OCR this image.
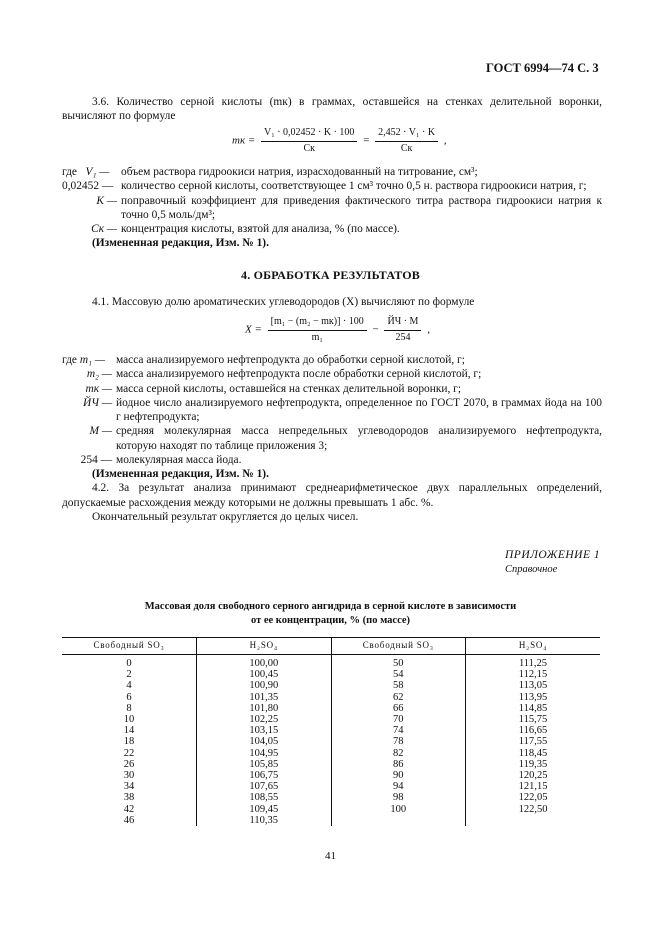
ГОСТ 6994—74 С. 3
3.6. Количество серной кислоты (mк) в граммах, оставшейся на стенках делительной воронки, вычисляют по формуле
mк = $\frac{\text{V₁ · 0,02452 · K · 100}}{Cк} = \frac{\text{2,452 · V₁ · K}}{Cк}$ ,
где V₁ —	объем раствора гидроокиси натрия, израсходованный на титрование, см³;
0,02452 — количество серной кислоты, соответствующее 1 см³ точно 0,5 н. раствора гидроокиси натрия, г;
K — поправочный коэффициент для приведения фактического титра раствора гидроокиси натрия к точно 0,5 моль/дм³;
Cк — концентрация кислоты, взятой для анализа, % (по массе).
(Измененная редакция, Изм. № 1).
4. ОБРАБОТКА РЕЗУЛЬТАТОВ
4.1. Массовую долю ароматических углеводородов (X) вычисляют по формуле
$X = \frac{\text{[m₁ − (m₂ − mк)] · 100}}{\text{m₁}} - \frac{ЙЧ \cdot M}{254}$ ,
где m₁ — масса анализируемого нефтепродукта до обработки серной кислотой, г;
m₂ — масса анализируемого нефтепродукта после обработки серной кислотой, г;
mк — масса серной кислоты, оставшейся на стенках делительной воронки, г;
ЙЧ — йодное число анализируемого нефтепродукта, определенное по ГОСТ 2070, в граммах йода на 100 г нефтепродукта;
M — средняя молекулярная масса непредельных углеводородов анализируемого нефтепродукта, которую находят по таблице приложения 3;
254 — молекулярная масса йода.
(Измененная редакция, Изм. № 1).
4.2. За результат анализа принимают среднеарифметическое двух параллельных определений, допускаемые расхождения между которыми не должны превышать 1 абс. %.
Окончательный результат округляется до целых чисел.
ПРИЛОЖЕНИЕ 1
Справочное
Массовая доля свободного серного ангидрида в серной кислоте в зависимости
от ее концентрации, % (по массе)
Свободный SO₃	H₂SO₄	Свободный SO₃	H₂SO₄
0	100,00	50	111,25
2	100,45	54	112,15
4	100,90	58	113,05
6	101,35	62	113,95
8	101,80	66	114,85
10	102,25	70	115,75
14	103,15	74	116,65
18	104,05	78	117,55
22	104,95	82	118,45
26	105,85	86	119,35
30	106,75	90	120,25
34	107,65	94	121,15
38	108,55	98	122,05
42	109,45	100	122,50
46	110,35		
41
